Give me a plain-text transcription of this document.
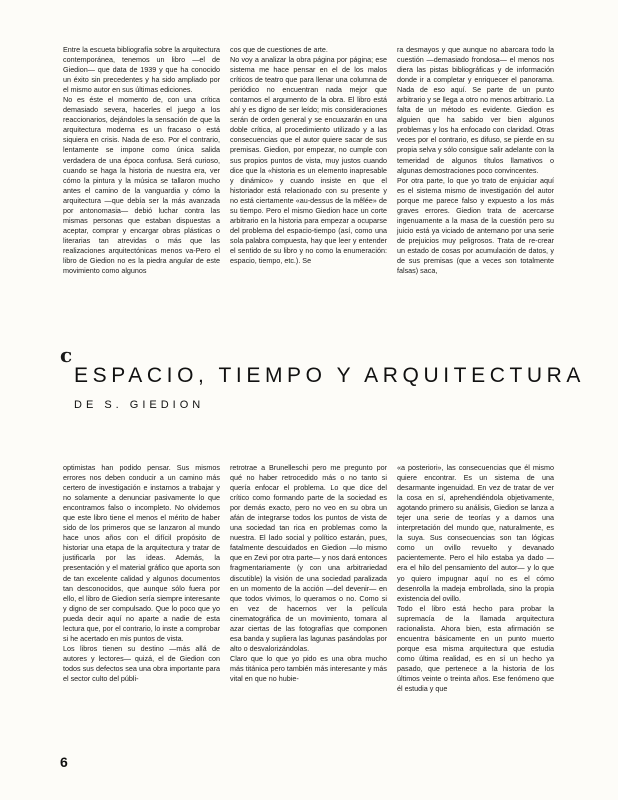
Entre la escueta bibliografía sobre la arquitectura contemporánea, tenemos un libro —el de Giedion— que data de 1939 y que ha conocido un éxito sin precedentes y ha sido ampliado por el mismo autor en sus últimas ediciones.

No es éste el momento de, con una crítica demasiado severa, hacerles el juego a los reaccionarios, dejándoles la sensación de que la arquitectura moderna es un fracaso o está siquiera en crisis. Nada de eso. Por el contrario, lentamente se impone como única salida verdadera de una época confusa. Será curioso, cuando se haga la historia de nuestra era, ver cómo la pintura y la música se tallaron mucho antes el camino de la vanguardia y cómo la arquitectura —que debía ser la más avanzada por antonomasia— debió luchar contra las mismas personas que estaban dispuestas a aceptar, comprar y encargar obras plásticas o literarias tan atrevidas o más que las realizaciones arquitectónicas menos va-Pero el libro de Giedion no es la piedra angular de este movimiento como algunos

cos que de cuestiones de arte.

No voy a analizar la obra página por página; ese sistema me hace pensar en el de los malos críticos de teatro que para llenar una columna de periódico no encuentran nada mejor que contarnos el argumento de la obra. El libro está ahí y es digno de ser leído; mis consideraciones serán de orden general y se encuazarán en una doble crítica, al procedimiento utilizado y a las consecuencias que el autor quiere sacar de sus premisas. Giedion, por empezar, no cumple con sus propios puntos de vista, muy justos cuando dice que la «historia es un elemento inapresable y dinámico» y cuando insiste en que el historiador está relacionado con su presente y no está ciertamente «au-dessus de la mêlée» de su tiempo. Pero el mismo Giedion hace un corte arbitrario en la historia para empezar a ocuparse del problema del espacio-tiempo (así, como una sola palabra compuesta, hay que leer y entender el sentido de su libro y no como la enumeración: espacio, tiempo, etc.). Se

ra desmayos y que aunque no abarcara todo la cuestión —demasiado frondosa— el menos nos diera las pistas bibliográficas y de información donde ir a completar y enriquecer el panorama. Nada de eso aquí. Se parte de un punto arbitrario y se llega a otro no menos arbitrario. La falta de un método es evidente. Giedion es alguien que ha sabido ver bien algunos problemas y los ha enfocado con claridad. Otras veces por el contrario, es difuso, se pierde en su propia selva y sólo consigue salir adelante con la temeridad de algunos títulos llamativos o algunas demostraciones poco convincentes.

Por otra parte, lo que yo trato de enjuiciar aquí es el sistema mismo de investigación del autor porque me parece falso y expuesto a los más graves errores. Giedion trata de acercarse ingenuamente a la masa de la cuestión pero su juicio está ya viciado de antemano por una serie de prejuicios muy peligrosos. Trata de re-crear un estado de cosas por acumulación de datos, y de sus premisas (que a veces son totalmente falsas) saca,

c
ESPACIO, TIEMPO Y ARQUITECTURA
DE S. GIEDION

optimistas han podido pensar. Sus mismos errores nos deben conducir a un camino más certero de investigación e instarnos a trabajar y no solamente a denunciar pasivamente lo que encontramos falso o incompleto. No olvidemos que este libro tiene el menos el mérito de haber sido de los primeros que se lanzaron al mundo hace unos años con el difícil propósito de historiar una etapa de la arquitectura y tratar de justificarla por las ideas. Además, la presentación y el material gráfico que aporta son de tan excelente calidad y algunos documentos tan desconocidos, que aunque sólo fuera por ello, el libro de Giedion sería siempre interesante y digno de ser compulsado. Que lo poco que yo pueda decir aquí no aparte a nadie de esta lectura que, por el contrario, lo inste a comprobar si he acertado en mis puntos de vista.

Los libros tienen su destino —más allá de autores y lectores— quizá, el de Giedion con todos sus defectos sea una obra importante para el sector culto del públi-

retrotrae a Brunelleschi pero me pregunto por qué no haber retrocedido más o no tanto si quería enfocar el problema. Lo que dice del crítico como formando parte de la sociedad es por demás exacto, pero no veo en su obra un afán de integrarse todos los puntos de vista de una sociedad tan rica en problemas como la nuestra. El lado social y político estarán, pues, fatalmente descuidados en Giedion —lo mismo que en Zevi por otra parte— y nos dará entonces fragmentariamente (y con una arbitrariedad discutible) la visión de una sociedad paralizada en un momento de la acción —del devenir— en que todos vivimos, lo queramos o no. Como si en vez de hacernos ver la película cinematográfica de un movimiento, tomara al azar ciertas de las fotografías que componen esa banda y supliera las lagunas pasándolas por alto o desvalorizándolas.

Claro que lo que yo pido es una obra mucho más titánica pero también más interesante y más vital en que no hubie-

«a posteriori», las consecuencias que él mismo quiere encontrar. Es un sistema de una desarmante ingenuidad. En vez de tratar de ver la cosa en sí, aprehendiéndola objetivamente, agotando primero su análisis, Giedion se lanza a tejer una serie de teorías y a darnos una interpretación del mundo que, naturalmente, es la suya. Sus consecuencias son tan lógicas como un ovillo revuelto y devanado pacientemente. Pero el hilo estaba ya dado —era el hilo del pensamiento del autor— y lo que yo quiero impugnar aquí no es el cómo desenrolla la madeja embrollada, sino la propia existencia del ovillo.

Todo el libro está hecho para probar la supremacía de la llamada arquitectura racionalista. Ahora bien, esta afirmación se encuentra básicamente en un punto muerto porque esa misma arquitectura que estudia como última realidad, es en sí un hecho ya pasado, que pertenece a la historia de los últimos veinte o treinta años. Ese fenómeno que él estudia y que

6
